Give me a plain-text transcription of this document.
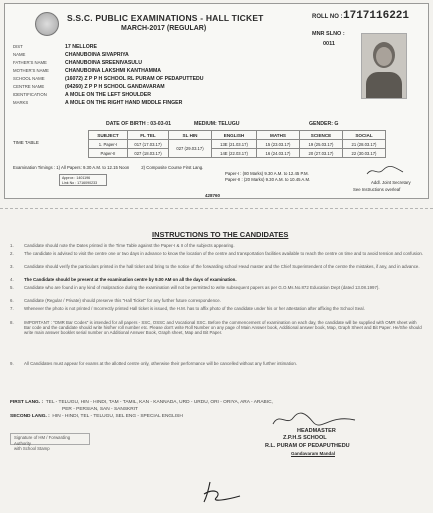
S.S.C. PUBLIC EXAMINATIONS - HALL TICKET
MARCH-2017 (REGULAR)
ROLL NO : 1717116221
MNR SLNO :
0011
DIST	17 NELLORE
NAME	CHANUBOINA SIVAPRIYA
FATHER'S NAME	CHANUBOINA SREENIVASULU
MOTHER'S NAME	CHANUBOINA LAKSHMI KANTHAMMA
SCHOOL NAME	(16072) Z P P H SCHOOL RL PURAM OF PEDAPUTTEDU
CENTRE NAME	(04260) Z P P H SCHOOL GANDAVARAM
IDENTIFICATION	A MOLE ON THE LEFT SHOULDER
MARKS	A MOLE ON THE RIGHT HAND MIDDLE FINGER
DATE OF BIRTH : 03-03-01	MEDIUM: TELUGU	GENDER: G
TIME TABLE
SUBJECT	FL TEL	SL HIN	ENGLISH	MATHS	SCIENCE	SOCIAL
1. Paper-I	017 (17.03.17)	027 (29.03.17)	13E (21.03.17)	15 (23.03.17)	19 (25.03.17)	21 (28.03.17)
Paper-II	027 (18.03.17)		14E (22.03.17)	16 (24.03.17)	20 (27.03.17)	22 (30.03.17)
Examination Timings : 1) All Papers: 9.30 A.M. to 12.15 Noon	2) Composite Course First Lang.
Paper-I : (80 Marks) 9.30 A.M. to 12.45 P.M.
Paper-II : (20 Marks) 9.30 A.M. to 10.45 A.M.
Approx : 1401196
Link No : 1716090233	Addl. Joint Secretary
See Instructions overleaf
428760
INSTRUCTIONS TO THE CANDIDATES
1. Candidate should note the Dates printed in the Time Table against the Paper-I & II of the subjects appearing.
2. The candidate is advised to visit the centre one or two days in advance to know the location of the centre and transportation facilities available to reach the centre on time and to avoid tension and confusion.
3. Candidate should verify the particulars printed in the hall ticket and bring to the notice of the forwarding school Head master and the Chief Superintendent of the centre the mistakes, if any, and in advance.
4. The Candidate should be present at the examination centre by 9.00 AM on all the days of examination.
5. Candidate who are found in any kind of malpractice during the examination will not be permitted to write subsequent papers as per G.O.Ms.No.872 Education Dept (dated 13.08.1997).
6. Candidate (Regular / Private) should preserve this "Hall Ticket" for any further future correspondence.
7. Whenever the photo is not printed / Incorrectly printed Hall ticket is issued, the H.M. has to affix photo of the candidate under his or her attestation after affixing the School Seal.
8. IMPORTANT : "OMR Bar Codes" is intended for all papers - SSC, OSSC and Vocational SSC. Before the commencement of examination on each day, the candidate will be supplied with OMR sheet with Bar code and the candidate should write his/her roll number etc. Please don't write Roll Number on any page of Main Answer book, Additional answer book, Map, Graph Sheet and Bit Paper. He/She should write main answer booklet serial number on Additional Answer Book, Graph sheet, Map and Bit Paper.
9. All Candidates must appear for exams at the allotted centre only, otherwise their performance will be cancelled without any further intimation.
FIRST LANG. : TEL - TELUGU, HIN - HINDI, TAM - TAMIL, KAN - KANNADA, URD - URDU, ORI - ORIYA, ARA - ARABIC,
PER - PERSIAN, SAN - SANSKRIT
SECOND LANG. : HIN - HINDI, TEL - TELUGU, SEL ENG - SPECIAL ENGLISH
Signature of HM / Forwarding Authority
with School Stamp
HEADMASTER
Z.P.H.S SCHOOL
R.L. PURAM OF PEDAPUTHEDU
Gandavaram Mandal
